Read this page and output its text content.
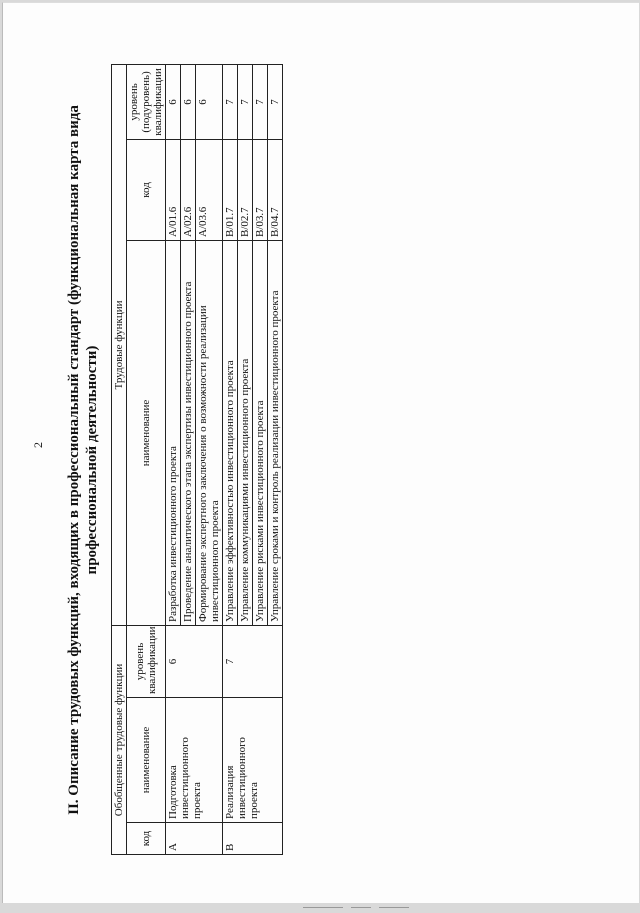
2 II. Описание трудовых функций, входящих в профессиональный стандарт (функциональная карта вида профессиональной деятельности)
Обобщенные трудовые функции			Трудовые функции		
код	наименование	уровень квалификации	наименование	код	уровень (подуровень) квалификации
А	Подготовка инвестиционного проекта	6	Разработка инвестиционного проекта	А/01.6	6
			Проведение аналитического этапа экспертизы инвестиционного проекта	А/02.6	6
			Формирование экспертного заключения о возможности реализации инвестиционного проекта	А/03.6	6
В	Реализация инвестиционного проекта	7	Управление эффективностью инвестиционного проекта	В/01.7	7
			Управление коммуникациями инвестиционного проекта	В/02.7	7
			Управление рисками инвестиционного проекта	В/03.7	7
			Управление сроками и контроль реализации инвестиционного проекта	В/04.7	7
